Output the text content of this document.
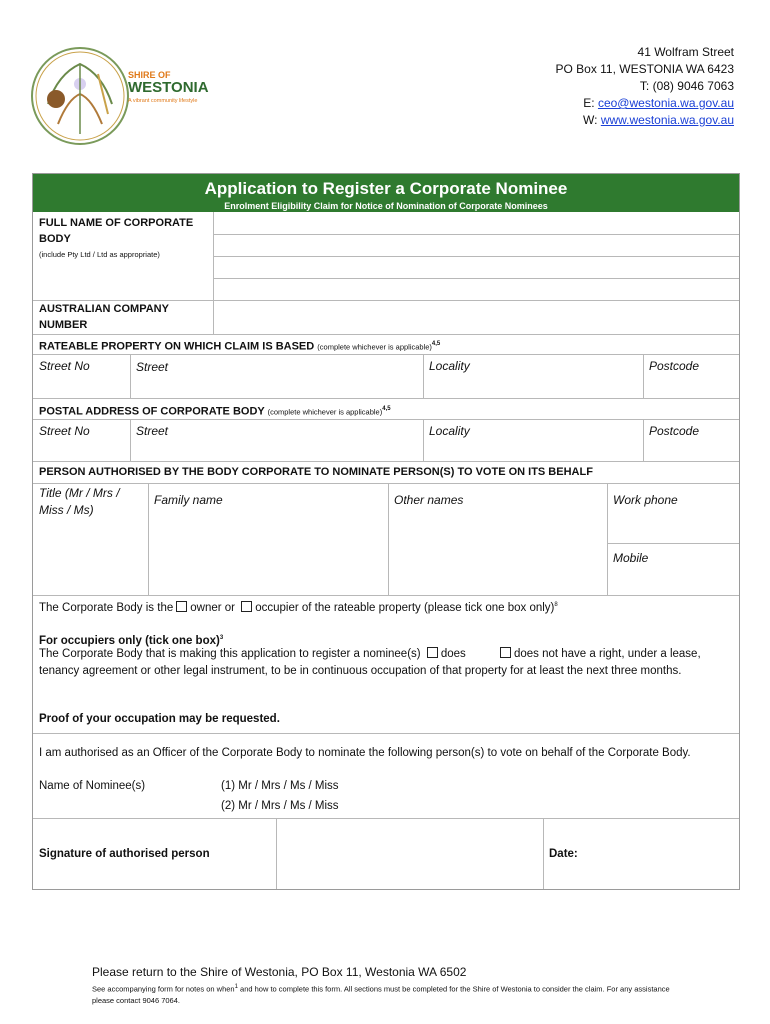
SHIRE OF
WESTONIA
A vibrant community lifestyle
41 Wolfram Street
PO Box 11, WESTONIA WA 6423
T: (08) 9046 7063
E: ceo@westonia.wa.gov.au
W: www.westonia.wa.gov.au
Application to Register a Corporate Nominee
Enrolment Eligibility Claim for Notice of Nomination of Corporate Nominees
FULL NAME OF CORPORATE BODY
(include Pty Ltd / Ltd as appropriate)
AUSTRALIAN COMPANY NUMBER
RATEABLE PROPERTY ON WHICH CLAIM IS BASED (complete whichever is applicable)$^{4,5}$
Street No	Street	Locality	Postcode
POSTAL ADDRESS OF CORPORATE BODY (complete whichever is applicable)$^{4,5}$
Street No	Street	Locality	Postcode
PERSON AUTHORISED BY THE BODY CORPORATE TO NOMINATE PERSON(S) TO VOTE ON ITS BEHALF
Title (Mr / Mrs / Miss / Ms)
Family name	Other names	Work phone
Mobile
The Corporate Body is the owner or occupier of the rateable property (please tick one box only)$^8$
For occupiers only (tick one box)$^3$
The Corporate Body that is making this application to register a nominee(s) does	does not have a right, under a lease, tenancy agreement or other legal instrument, to be in continuous occupation of that property for at least the next three months.
Proof of your occupation may be requested.
I am authorised as an Officer of the Corporate Body to nominate the following person(s) to vote on behalf of the Corporate Body.
Name of Nominee(s)	(1) Mr / Mrs / Ms / Miss
(2) Mr / Mrs / Ms / Miss
Signature of authorised person	Date:
Please return to the Shire of Westonia, PO Box 11, Westonia WA 6502
See accompanying form for notes on when$^1$ and how to complete this form. All sections must be completed for the Shire of Westonia to consider the claim. For any assistance please contact 9046 7064.
